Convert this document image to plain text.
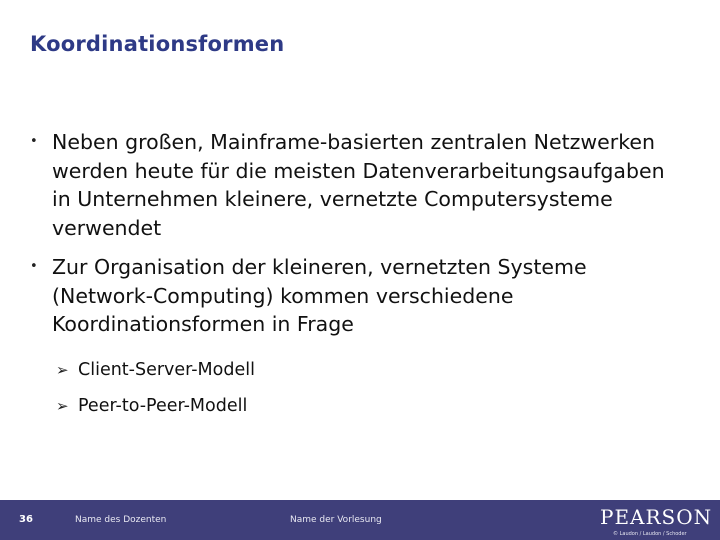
Koordinationsformen
• Neben großen, Mainframe-basierten zentralen Netzwerken werden heute für die meisten Datenverarbeitungsaufgaben in Unternehmen kleinere, vernetzte Computersysteme verwendet
• Zur Organisation der kleineren, vernetzten Systeme (Network-Computing) kommen verschiedene Koordinationsformen in Frage
➢ Client-Server-Modell
➢ Peer-to-Peer-Modell
36	Name des Dozenten	Name der Vorlesung	PEARSON
© Laudon / Laudon / Schoder
